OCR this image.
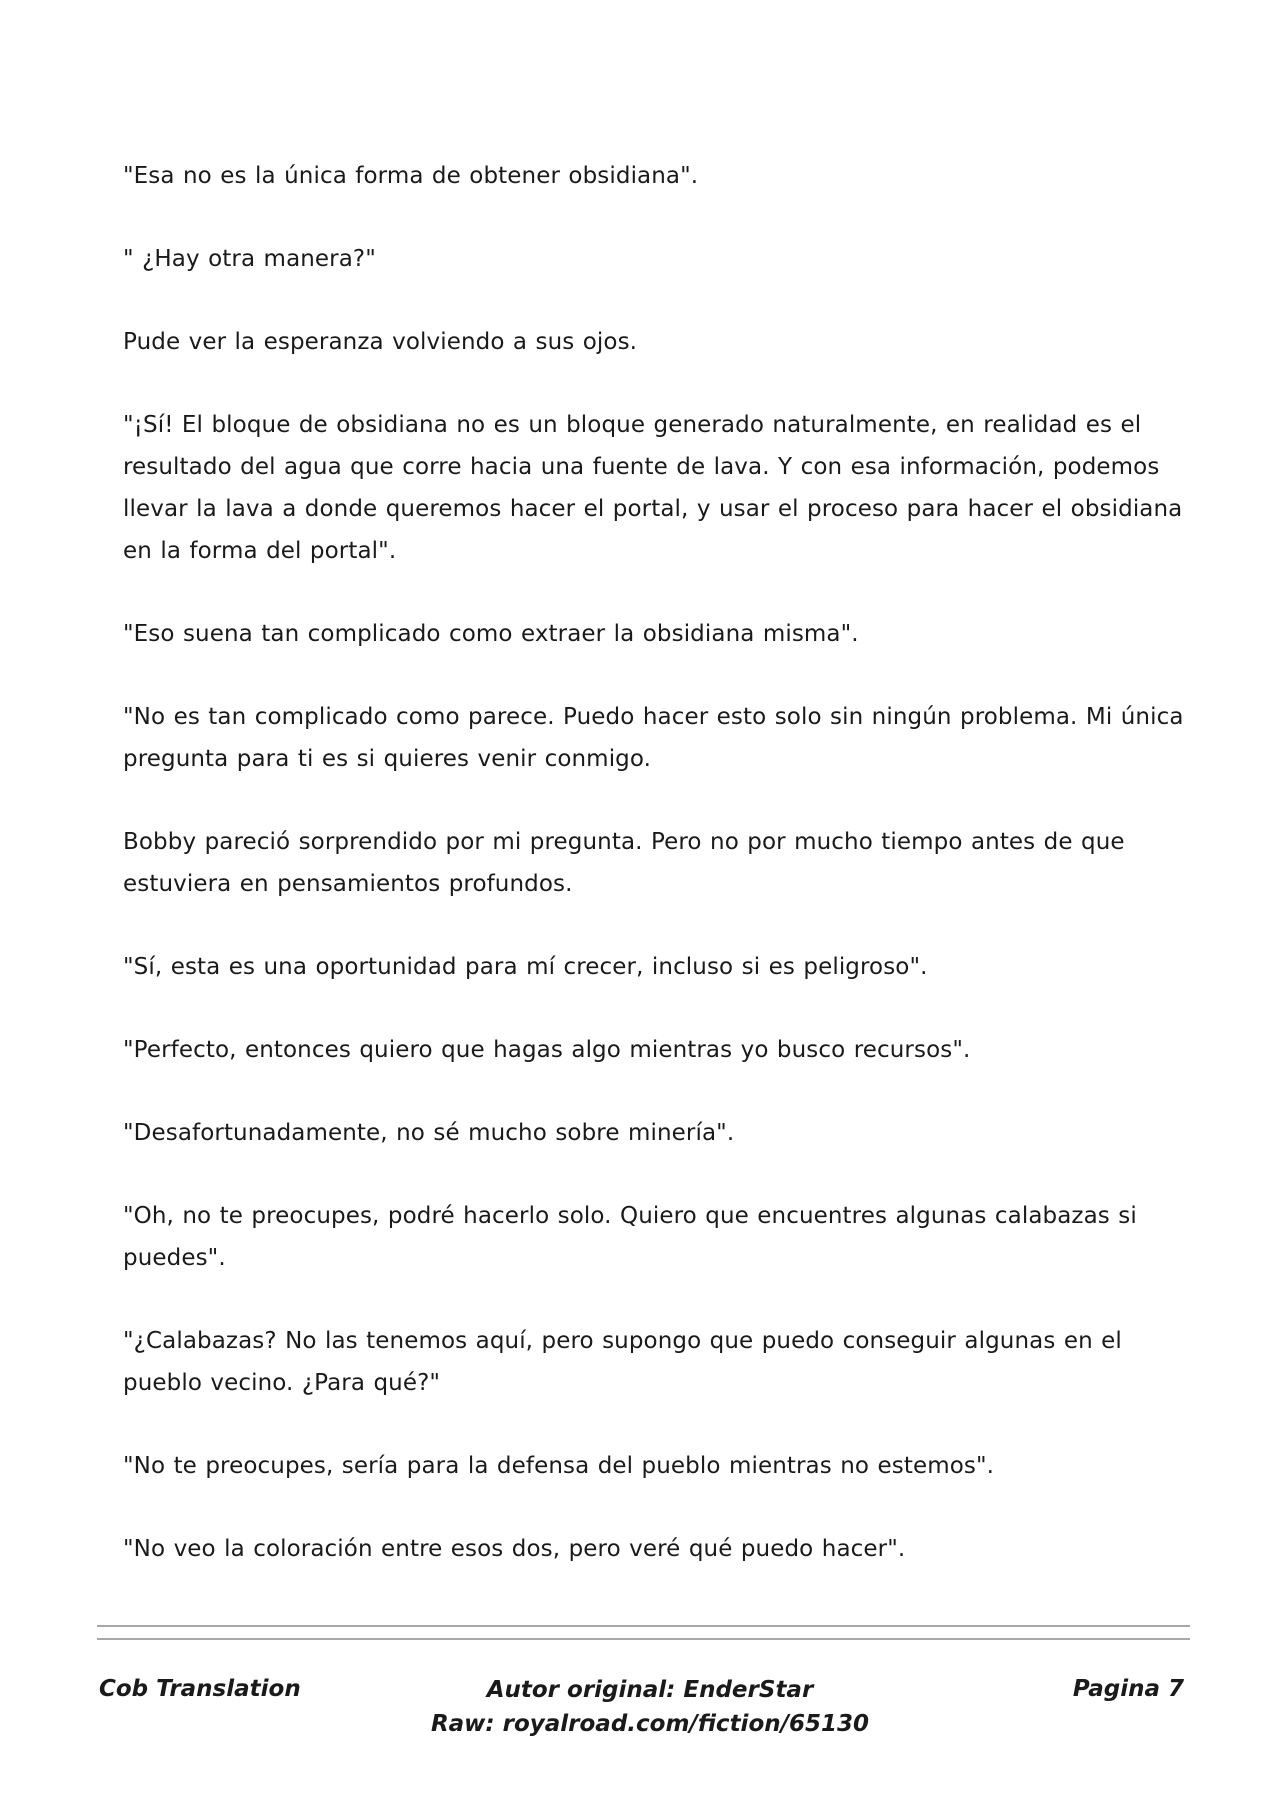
"Esa no es la única forma de obtener obsidiana".

" ¿Hay otra manera?"

Pude ver la esperanza volviendo a sus ojos.

"¡Sí! El bloque de obsidiana no es un bloque generado naturalmente, en realidad es el resultado del agua que corre hacia una fuente de lava. Y con esa información, podemos llevar la lava a donde queremos hacer el portal, y usar el proceso para hacer el obsidiana en la forma del portal".

"Eso suena tan complicado como extraer la obsidiana misma".

"No es tan complicado como parece. Puedo hacer esto solo sin ningún problema. Mi única pregunta para ti es si quieres venir conmigo.

Bobby pareció sorprendido por mi pregunta. Pero no por mucho tiempo antes de que estuviera en pensamientos profundos.

"Sí, esta es una oportunidad para mí crecer, incluso si es peligroso".

"Perfecto, entonces quiero que hagas algo mientras yo busco recursos".

"Desafortunadamente, no sé mucho sobre minería".

"Oh, no te preocupes, podré hacerlo solo. Quiero que encuentres algunas calabazas si puedes".

"¿Calabazas? No las tenemos aquí, pero supongo que puedo conseguir algunas en el pueblo vecino. ¿Para qué?"

"No te preocupes, sería para la defensa del pueblo mientras no estemos".

"No veo la coloración entre esos dos, pero veré qué puedo hacer".

Cob Translation	Autor original: EnderStar
Raw: royalroad.com/fiction/65130
Pagina 7
